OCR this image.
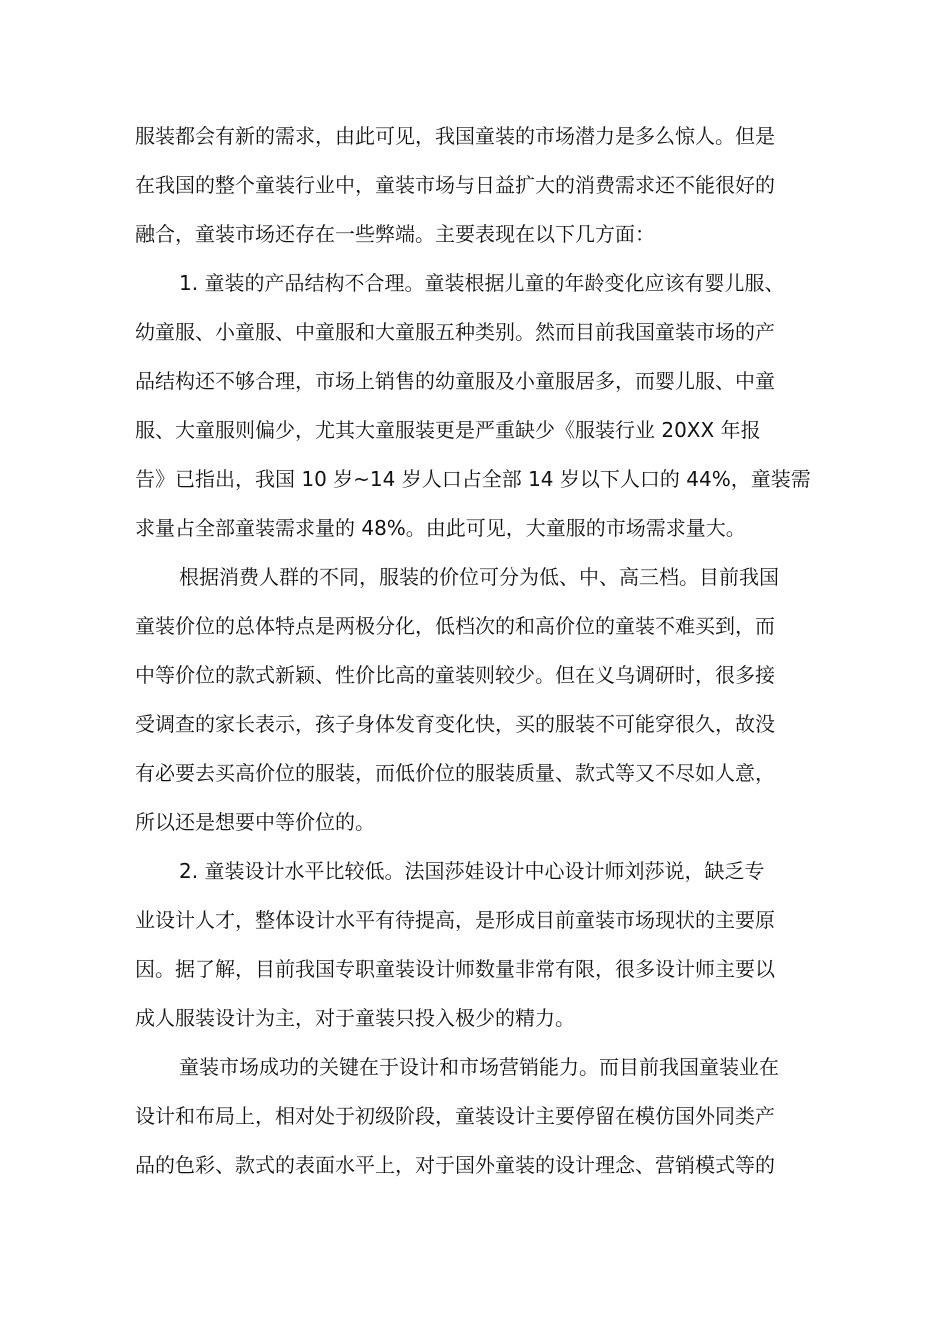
服装都会有新的需求，由此可见，我国童装的市场潜力是多么惊人。但是
在我国的整个童装行业中，童装市场与日益扩大的消费需求还不能很好的
融合，童装市场还存在一些弊端。主要表现在以下几方面：
1. 童装的产品结构不合理。童装根据儿童的年龄变化应该有婴儿服、
幼童服、小童服、中童服和大童服五种类别。然而目前我国童装市场的产
品结构还不够合理，市场上销售的幼童服及小童服居多，而婴儿服、中童
服、大童服则偏少，尤其大童服装更是严重缺少《服装行业 20XX 年报
告》已指出，我国 10 岁~14 岁人口占全部 14 岁以下人口的 44%，童装需
求量占全部童装需求量的 48%。由此可见，大童服的市场需求量大。
根据消费人群的不同，服装的价位可分为低、中、高三档。目前我国
童装价位的总体特点是两极分化，低档次的和高价位的童装不难买到，而
中等价位的款式新颖、性价比高的童装则较少。但在义乌调研时，很多接
受调查的家长表示，孩子身体发育变化快，买的服装不可能穿很久，故没
有必要去买高价位的服装，而低价位的服装质量、款式等又不尽如人意，
所以还是想要中等价位的。
2. 童装设计水平比较低。法国莎娃设计中心设计师刘莎说，缺乏专
业设计人才，整体设计水平有待提高，是形成目前童装市场现状的主要原
因。据了解，目前我国专职童装设计师数量非常有限，很多设计师主要以
成人服装设计为主，对于童装只投入极少的精力。
童装市场成功的关键在于设计和市场营销能力。而目前我国童装业在
设计和布局上，相对处于初级阶段，童装设计主要停留在模仿国外同类产
品的色彩、款式的表面水平上，对于国外童装的设计理念、营销模式等的
